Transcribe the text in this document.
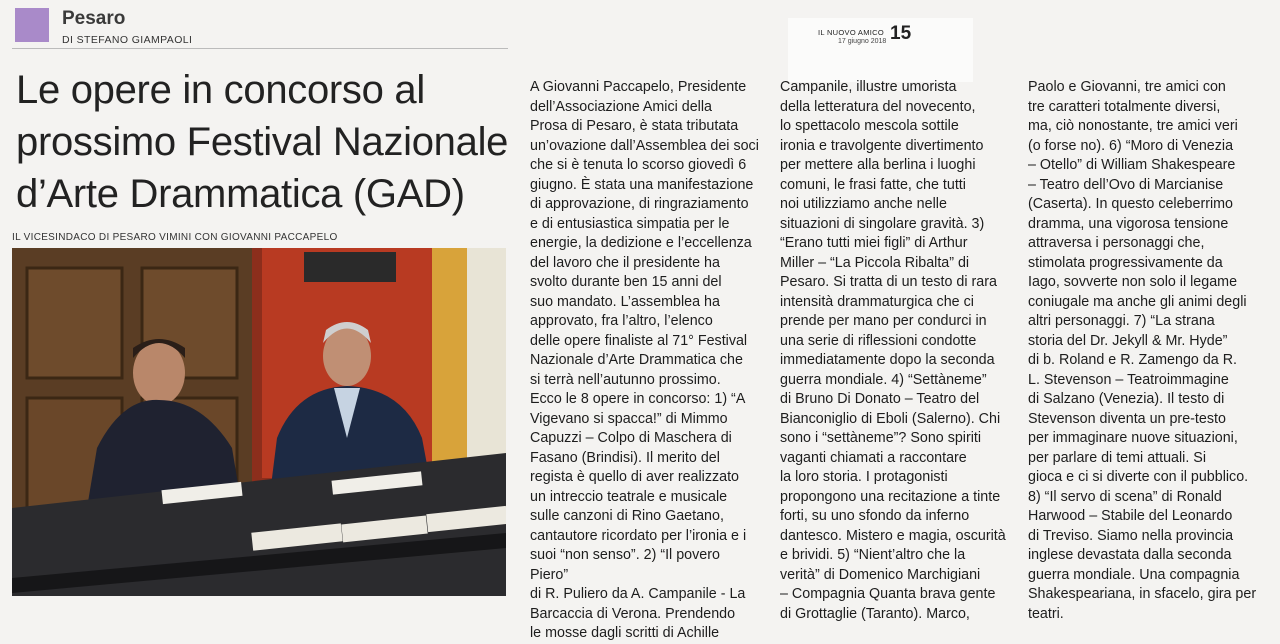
Pesaro
DI STEFANO GIAMPAOLI
IL NUOVO AMICO
17 giugno 2018 15
Le opere in concorso al prossimo Festival Nazionale d’Arte Drammatica (GAD)
IL VICESINDACO DI PESARO VIMINI CON GIOVANNI PACCAPELO

A Giovanni Paccapelo, Presidente
dell’Associazione Amici della
Prosa di Pesaro, è stata tributata
un’ovazione dall’Assemblea dei soci
che si è tenuta lo scorso giovedì 6
giugno. È stata una manifestazione
di approvazione, di ringraziamento
e di entusiastica simpatia per le
energie, la dedizione e l’eccellenza
del lavoro che il presidente ha
svolto durante ben 15 anni del
suo mandato. L’assemblea ha
approvato, fra l’altro, l’elenco
delle opere finaliste al 71° Festival
Nazionale d’Arte Drammatica che
si terrà nell’autunno prossimo.
Ecco le 8 opere in concorso: 1) “A
Vigevano si spacca!” di Mimmo
Capuzzi – Colpo di Maschera di
Fasano (Brindisi). Il merito del
regista è quello di aver realizzato
un intreccio teatrale e musicale
sulle canzoni di Rino Gaetano,
cantautore ricordato per l’ironia e i
suoi “non senso”. 2) “Il povero Piero”
di R. Puliero da A. Campanile - La
Barcaccia di Verona. Prendendo
le mosse dagli scritti di Achille

Campanile, illustre umorista
della letteratura del novecento,
lo spettacolo mescola sottile
ironia e travolgente divertimento
per mettere alla berlina i luoghi
comuni, le frasi fatte, che tutti
noi utilizziamo anche nelle
situazioni di singolare gravità. 3)
“Erano tutti miei figli” di Arthur
Miller – “La Piccola Ribalta” di
Pesaro. Si tratta di un testo di rara
intensità drammaturgica che ci
prende per mano per condurci in
una serie di riflessioni condotte
immediatamente dopo la seconda
guerra mondiale. 4) “Settàneme”
di Bruno Di Donato – Teatro del
Bianconiglio di Eboli (Salerno). Chi
sono i “settàneme”? Sono spiriti
vaganti chiamati a raccontare
la loro storia. I protagonisti
propongono una recitazione a tinte
forti, su uno sfondo da inferno
dantesco. Mistero e magia, oscurità
e brividi. 5) “Nient’altro che la
verità” di Domenico Marchigiani
– Compagnia Quanta brava gente
di Grottaglie (Taranto). Marco,

Paolo e Giovanni, tre amici con
tre caratteri totalmente diversi,
ma, ciò nonostante, tre amici veri
(o forse no). 6) “Moro di Venezia
– Otello” di William Shakespeare
– Teatro dell’Ovo di Marcianise
(Caserta). In questo celeberrimo
dramma, una vigorosa tensione
attraversa i personaggi che,
stimolata progressivamente da
Iago, sovverte non solo il legame
coniugale ma anche gli animi degli
altri personaggi. 7) “La strana
storia del Dr. Jekyll & Mr. Hyde”
di b. Roland e R. Zamengo da R.
L. Stevenson – Teatroimmagine
di Salzano (Venezia). Il testo di
Stevenson diventa un pre-testo
per immaginare nuove situazioni,
per parlare di temi attuali. Si
gioca e ci si diverte con il pubblico.
8) “Il servo di scena” di Ronald
Harwood – Stabile del Leonardo
di Treviso. Siamo nella provincia
inglese devastata dalla seconda
guerra mondiale. Una compagnia
Shakespeariana, in sfacelo, gira per
teatri.
